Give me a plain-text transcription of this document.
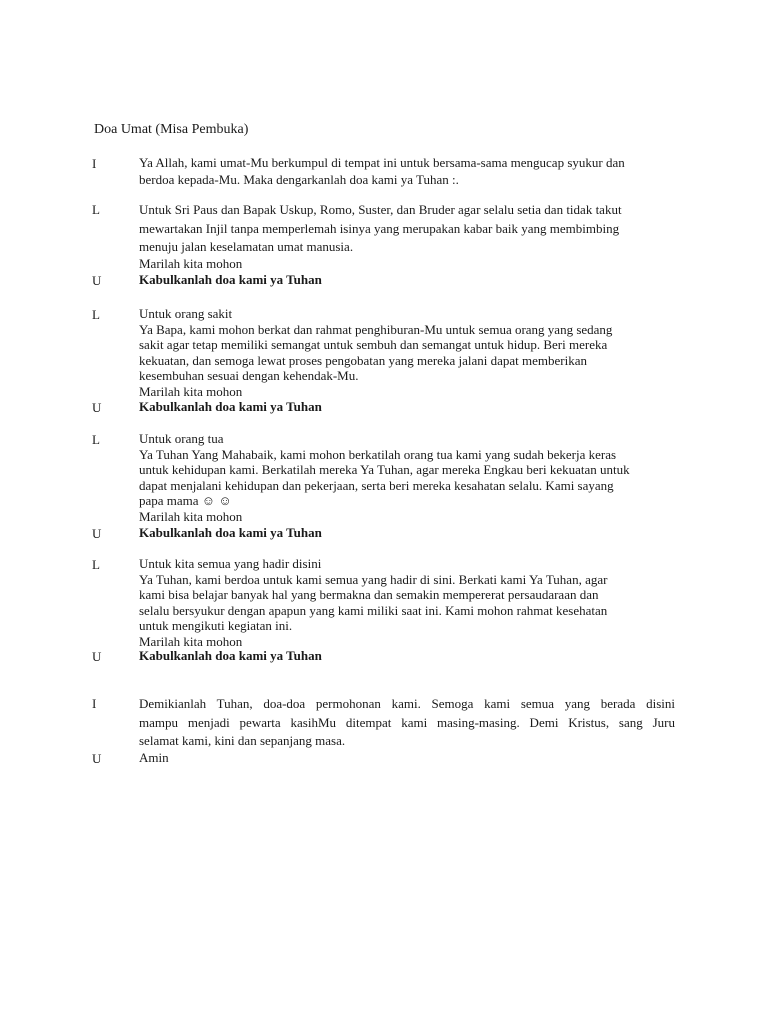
Doa Umat (Misa Pembuka)
I	Ya Allah, kami umat-Mu berkumpul di tempat ini untuk bersama-sama mengucap syukur dan
berdoa kepada-Mu. Maka dengarkanlah doa kami ya Tuhan :.
L	Untuk Sri Paus dan Bapak Uskup, Romo, Suster, dan Bruder agar selalu setia dan tidak takut
mewartakan Injil tanpa memperlemah isinya yang merupakan kabar baik yang membimbing
menuju jalan keselamatan umat manusia.
Marilah kita mohon
U	Kabulkanlah doa kami ya Tuhan
L	Untuk orang sakit
Ya Bapa, kami mohon berkat dan rahmat penghiburan-Mu untuk semua orang yang sedang
sakit agar tetap memiliki semangat untuk sembuh dan semangat untuk hidup. Beri mereka
kekuatan, dan semoga lewat proses pengobatan yang mereka jalani dapat memberikan
kesembuhan sesuai dengan kehendak-Mu.
Marilah kita mohon
U	Kabulkanlah doa kami ya Tuhan
L	Untuk orang tua
Ya Tuhan Yang Mahabaik, kami mohon berkatilah orang tua kami yang sudah bekerja keras
untuk kehidupan kami. Berkatilah mereka Ya Tuhan, agar mereka Engkau beri kekuatan untuk
dapat menjalani kehidupan dan pekerjaan, serta beri mereka kesahatan selalu. Kami sayang
papa mama ☺ ☺
Marilah kita mohon
U	Kabulkanlah doa kami ya Tuhan
L	Untuk kita semua yang hadir disini
Ya Tuhan, kami berdoa untuk kami semua yang hadir di sini. Berkati kami Ya Tuhan, agar
kami bisa belajar banyak hal yang bermakna dan semakin mempererat persaudaraan dan
selalu bersyukur dengan apapun yang kami miliki saat ini. Kami mohon rahmat kesehatan
untuk mengikuti kegiatan ini.
Marilah kita mohon
U	Kabulkanlah doa kami ya Tuhan
I	Demikianlah Tuhan, doa-doa permohonan kami. Semoga kami semua yang berada disini
mampu menjadi pewarta kasihMu ditempat kami masing-masing. Demi Kristus, sang Juru
selamat kami, kini dan sepanjang masa.
U	Amin
